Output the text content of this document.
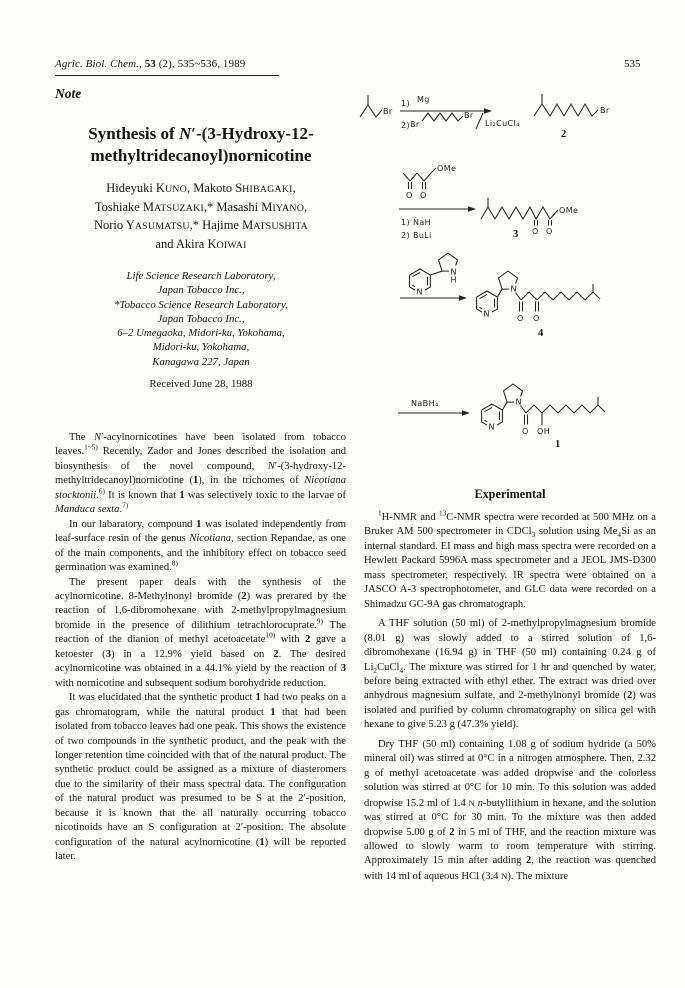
Agric. Biol. Chem., 53 (2), 535~536, 1989	535
Note
Synthesis of N′-(3-Hydroxy-12-
methyltridecanoyl)nornicotine
Hideyuki KUNO, Makoto SHIBAGAKI,
Toshiake MATSUZAKI,* Masashi MIYANO,
Norio YASUMATSU,* Hajime MATSUSHITA
and Akira KOIWAI
Life Science Research Laboratory,
Japan Tobacco Inc.,
*Tobacco Science Research Laboratory,
Japan Tobacco Inc.,
6–2 Umegaoka, Midori-ku, Yokohama,
Midori-ku, Yokohama,
Kanagawa 227, Japan
Received June 28, 1988

The N′-acylnornicotines have been isolated from tobacco leaves.$^{1\sim 5)}$ Recently, Zador and Jones described the isolation and biosynthesis of the novel compound, N′-(3-hydroxy-12-methyltridecanoyl)nornicotine (1), in the trichomes of Nicotiana stocktonii.$^{6)}$ It is known that 1 was selectively toxic to the larvae of Manduca sexta.$^{7)}$

In our labaratory, compound 1 was isolated independently from leaf-surface resin of the genus Nicotiana, section Repandae, as one of the main components, and the inhibitory effect on tobacco seed germination was examined.$^{8)}$

The present paper deals with the synthesis of the acylnornicotine. 8-Methylnonyl bromide (2) was prerared by the reaction of 1,6-dibromohexane with 2-methylpropylmagnesium bromide in the presence of dilithium tetrachlorocuprate.$^{9)}$ The reaction of the dianion of methyl acetoacetate$^{10)}$ with 2 gave a ketoester (3) in a 12.9% yield based on 2. The desired acylnornicotine was obtained in a 44.1% yield by the reaction of 3 with nornicotine and subsequent sodium borohydride reduction.

It was elucidated that the synthetic product 1 had two peaks on a gas chromatogram, while the natural product 1 that had been isolated from tobacco leaves had one peak. This shows the existence of two compounds in the synthetic product, and the peak with the longer retention time coincided with that of the natural product. The synthetic product could be assigned as a mixture of diasteromers due to the similarity of their mass spectral data. The configuration of the natural product was presumed to be S at the 2′-position, because it is known that the all naturally occurring tobacco nicotinoids have an S configuration at 2′-position. The absolute configuration of the natural acylnornicotine (1) will be reported later.

Br
1) Mg
2) Br
Br
Li₂CuCl₄
Br
2
OMe
O O
1) NaH
2) BuLi
OMe
O O
3
N
N
H
N
N
O O
4
NaBH₄
N
N
O OH
1
Experimental

$^1$H-NMR and $^{13}$C-NMR spectra were recorded at 500 MHz on a Bruker AM 500 spectrometer in CDCl$_3$ solution using $Me_4Si$ as an internal standard. EI mass and high mass spectra were recorded on a Hewlett Packard 5996A mass spectrometer and a JEOL JMS-D300 mass spectrometer, respectively. IR spectra were obtained on a JASCO A-3 spectrophotometer, and GLC data were recorded on a Shimadzu GC-9A gas chromatograph.

A THF solution (50 ml) of 2-methylpropylmagnesium bromide (8.01 g) was slowly added to a stirred solution of 1,6-dibromohexane (16.94 g) in THF (50 ml) containing 0.24 g of $Li_2CuCl_4$. The mixture was stirred for 1 hr and quenched by water, before being extracted with ethyl ether. The extract was dried over anhydrous magnesium sulfate, and 2-methylnonyl bromide (2) was isolated and purified by column chromatography on silica gel with hexane to give 5.23 g (47.3% yield).

Dry THF (50 ml) containing 1.08 g of sodium hydride (a 50% mineral oil) was stirred at 0°C in a nitrogen atmosphere. Then, 2.32 g of methyl acetoacetate was added dropwise and the colorless solution was stirred at 0°C for 10 min. To this solution was added dropwise 15.2 ml of 1.4 N n-butyllithium in hexane, and the solution was stirred at 0°C for 30 min. To the mixture was then added dropwise 5.00 g of 2 in 5 ml of THF, and the reaction mixture was allowed to slowly warm to room temperature with stirring. Approximately 15 min after adding 2, the reaction was quenched with 14 ml of aqueous HCl (3.4 N). The mixture
